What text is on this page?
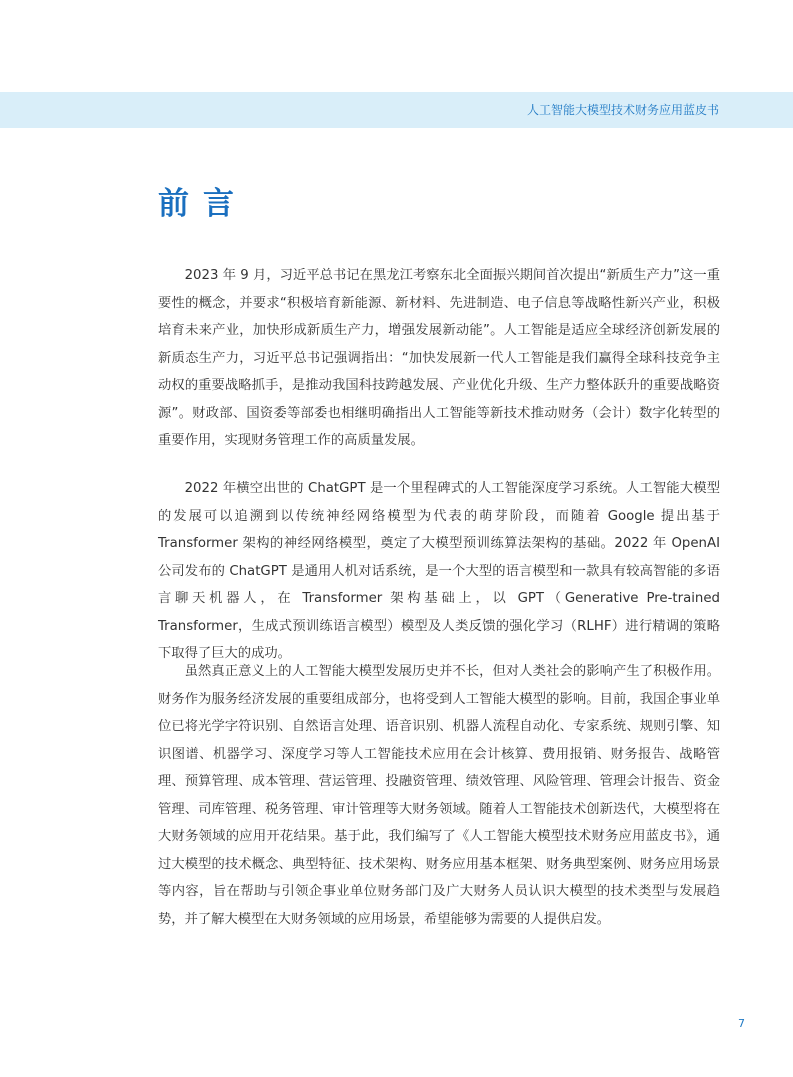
人工智能大模型技术财务应用蓝皮书
前言

2023 年 9 月，习近平总书记在黑龙江考察东北全面振兴期间首次提出“新质生产力”这一重要性的概念，并要求“积极培育新能源、新材料、先进制造、电子信息等战略性新兴产业，积极培育未来产业，加快形成新质生产力，增强发展新动能”。人工智能是适应全球经济创新发展的新质态生产力，习近平总书记强调指出：“加快发展新一代人工智能是我们赢得全球科技竞争主动权的重要战略抓手，是推动我国科技跨越发展、产业优化升级、生产力整体跃升的重要战略资源”。财政部、国资委等部委也相继明确指出人工智能等新技术推动财务（会计）数字化转型的重要作用，实现财务管理工作的高质量发展。

2022 年横空出世的 ChatGPT 是一个里程碑式的人工智能深度学习系统。人工智能大模型的发展可以追溯到以传统神经网络模型为代表的萌芽阶段，而随着 Google 提出基于 Transformer 架构的神经网络模型，奠定了大模型预训练算法架构的基础。2022 年 OpenAI 公司发布的 ChatGPT 是通用人机对话系统，是一个大型的语言模型和一款具有较高智能的多语言聊天机器人，在 Transformer 架构基础上，以 GPT（Generative Pre-trained Transformer，生成式预训练语言模型）模型及人类反馈的强化学习（RLHF）进行精调的策略下取得了巨大的成功。

虽然真正意义上的人工智能大模型发展历史并不长，但对人类社会的影响产生了积极作用。财务作为服务经济发展的重要组成部分，也将受到人工智能大模型的影响。目前，我国企事业单位已将光学字符识别、自然语言处理、语音识别、机器人流程自动化、专家系统、规则引擎、知识图谱、机器学习、深度学习等人工智能技术应用在会计核算、费用报销、财务报告、战略管理、预算管理、成本管理、营运管理、投融资管理、绩效管理、风险管理、管理会计报告、资金管理、司库管理、税务管理、审计管理等大财务领域。随着人工智能技术创新迭代，大模型将在大财务领域的应用开花结果。基于此，我们编写了《人工智能大模型技术财务应用蓝皮书》，通过大模型的技术概念、典型特征、技术架构、财务应用基本框架、财务典型案例、财务应用场景等内容，旨在帮助与引领企事业单位财务部门及广大财务人员认识大模型的技术类型与发展趋势，并了解大模型在大财务领域的应用场景，希望能够为需要的人提供启发。

7
